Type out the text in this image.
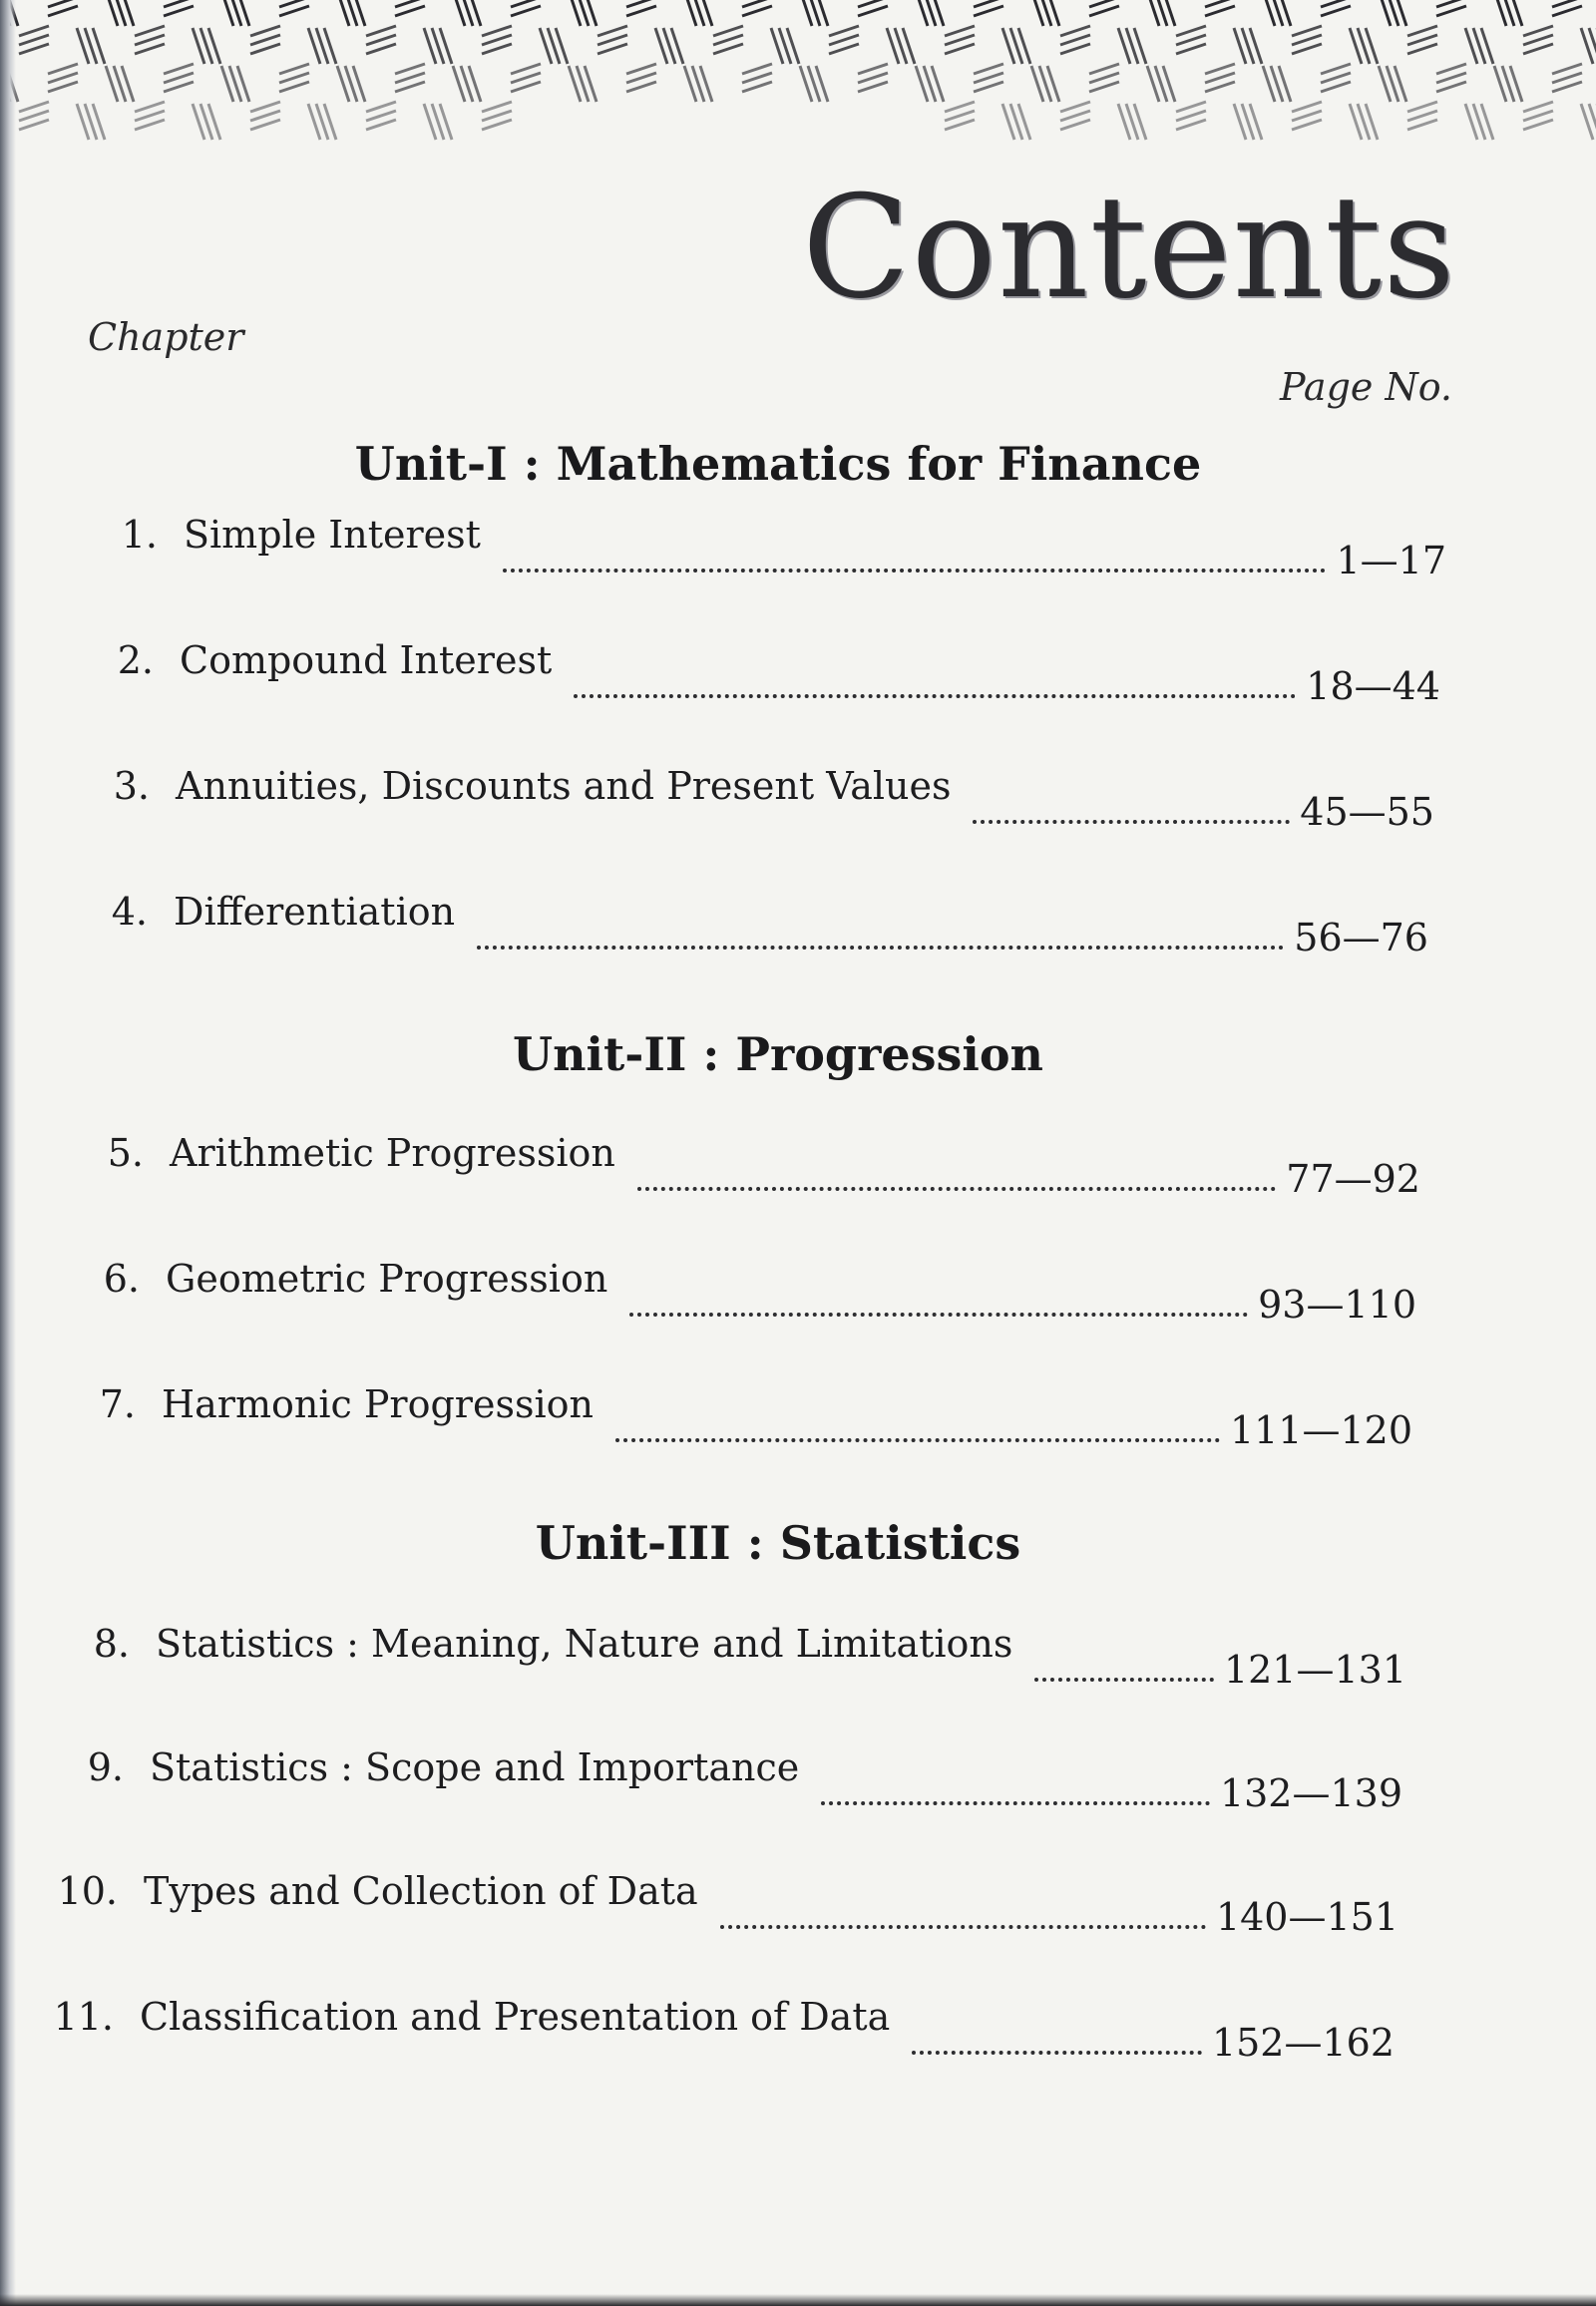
Contents
Chapter
Page No.
Unit-I : Mathematics for Finance
1. Simple Interest
1—17
2. Compound Interest
18—44
3. Annuities, Discounts and Present Values
45—55
4. Differentiation
56—76
Unit-II : Progression
5. Arithmetic Progression
77—92
6. Geometric Progression
93—110
7. Harmonic Progression
111—120
Unit-III : Statistics
8. Statistics : Meaning, Nature and Limitations
121—131
9. Statistics : Scope and Importance
132—139
10. Types and Collection of Data
140—151
11. Classification and Presentation of Data
152—162
